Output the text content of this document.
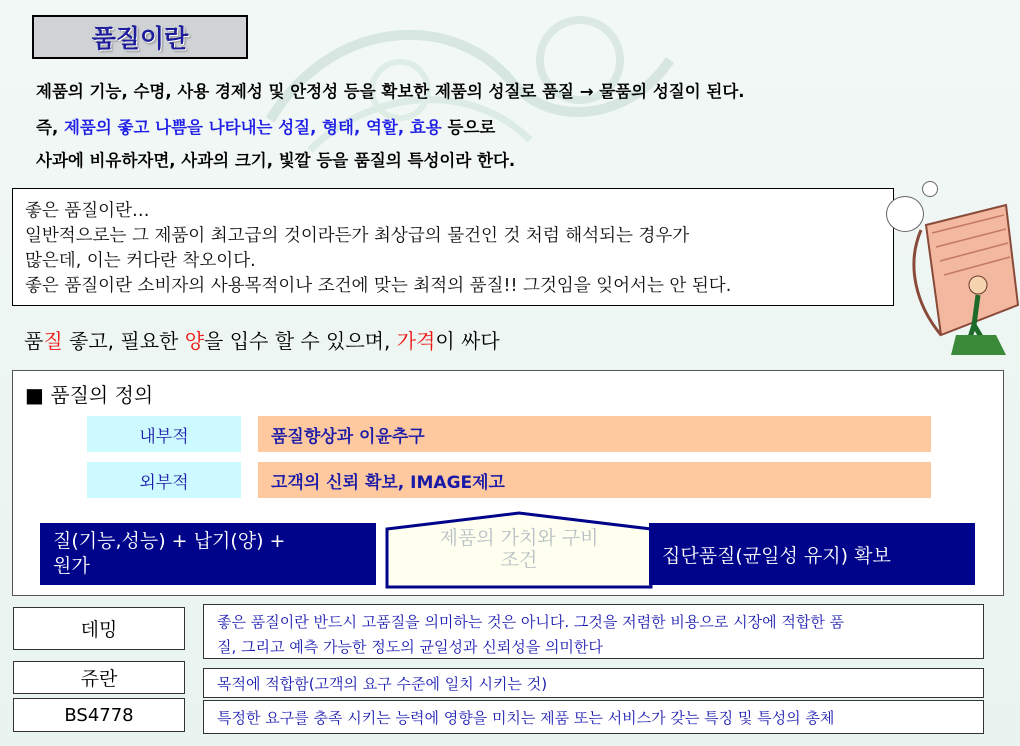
품질이란
제품의 기능, 수명, 사용 경제성 및 안정성 등을 확보한 제품의 성질로 품질 → 물품의 성질이 된다.
즉, 제품의 좋고 나쁨을 나타내는 성질, 형태, 역할, 효용 등으로
사과에 비유하자면, 사과의 크기, 빛깔 등을 품질의 특성이라 한다.
좋은 품질이란…
일반적으로는 그 제품이 최고급의 것이라든가 최상급의 물건인 것 처럼 해석되는 경우가
많은데, 이는 커다란 착오이다.
좋은 품질이란 소비자의 사용목적이나 조건에 맞는 최적의 품질!! 그것임을 잊어서는 안 된다.
품질 좋고, 필요한 양을 입수 할 수 있으며, 가격이 싸다
■ 품질의 정의
내부적	품질향상과 이윤추구
외부적	고객의 신뢰 확보, IMAGE제고
질(기능,성능) + 납기(양) +
원가
제품의 가치와 구비
조건	집단품질(균일성 유지) 확보
데밍	좋은 품질이란 반드시 고품질을 의미하는 것은 아니다. 그것을 저렴한 비용으로 시장에 적합한 품
질, 그리고 예측 가능한 정도의 균일성과 신뢰성을 의미한다
쥬란	목적에 적합함(고객의 요구 수준에 일치 시키는 것)
BS4778	특정한 요구를 충족 시키는 능력에 영향을 미치는 제품 또는 서비스가 갖는 특징 및 특성의 총체
